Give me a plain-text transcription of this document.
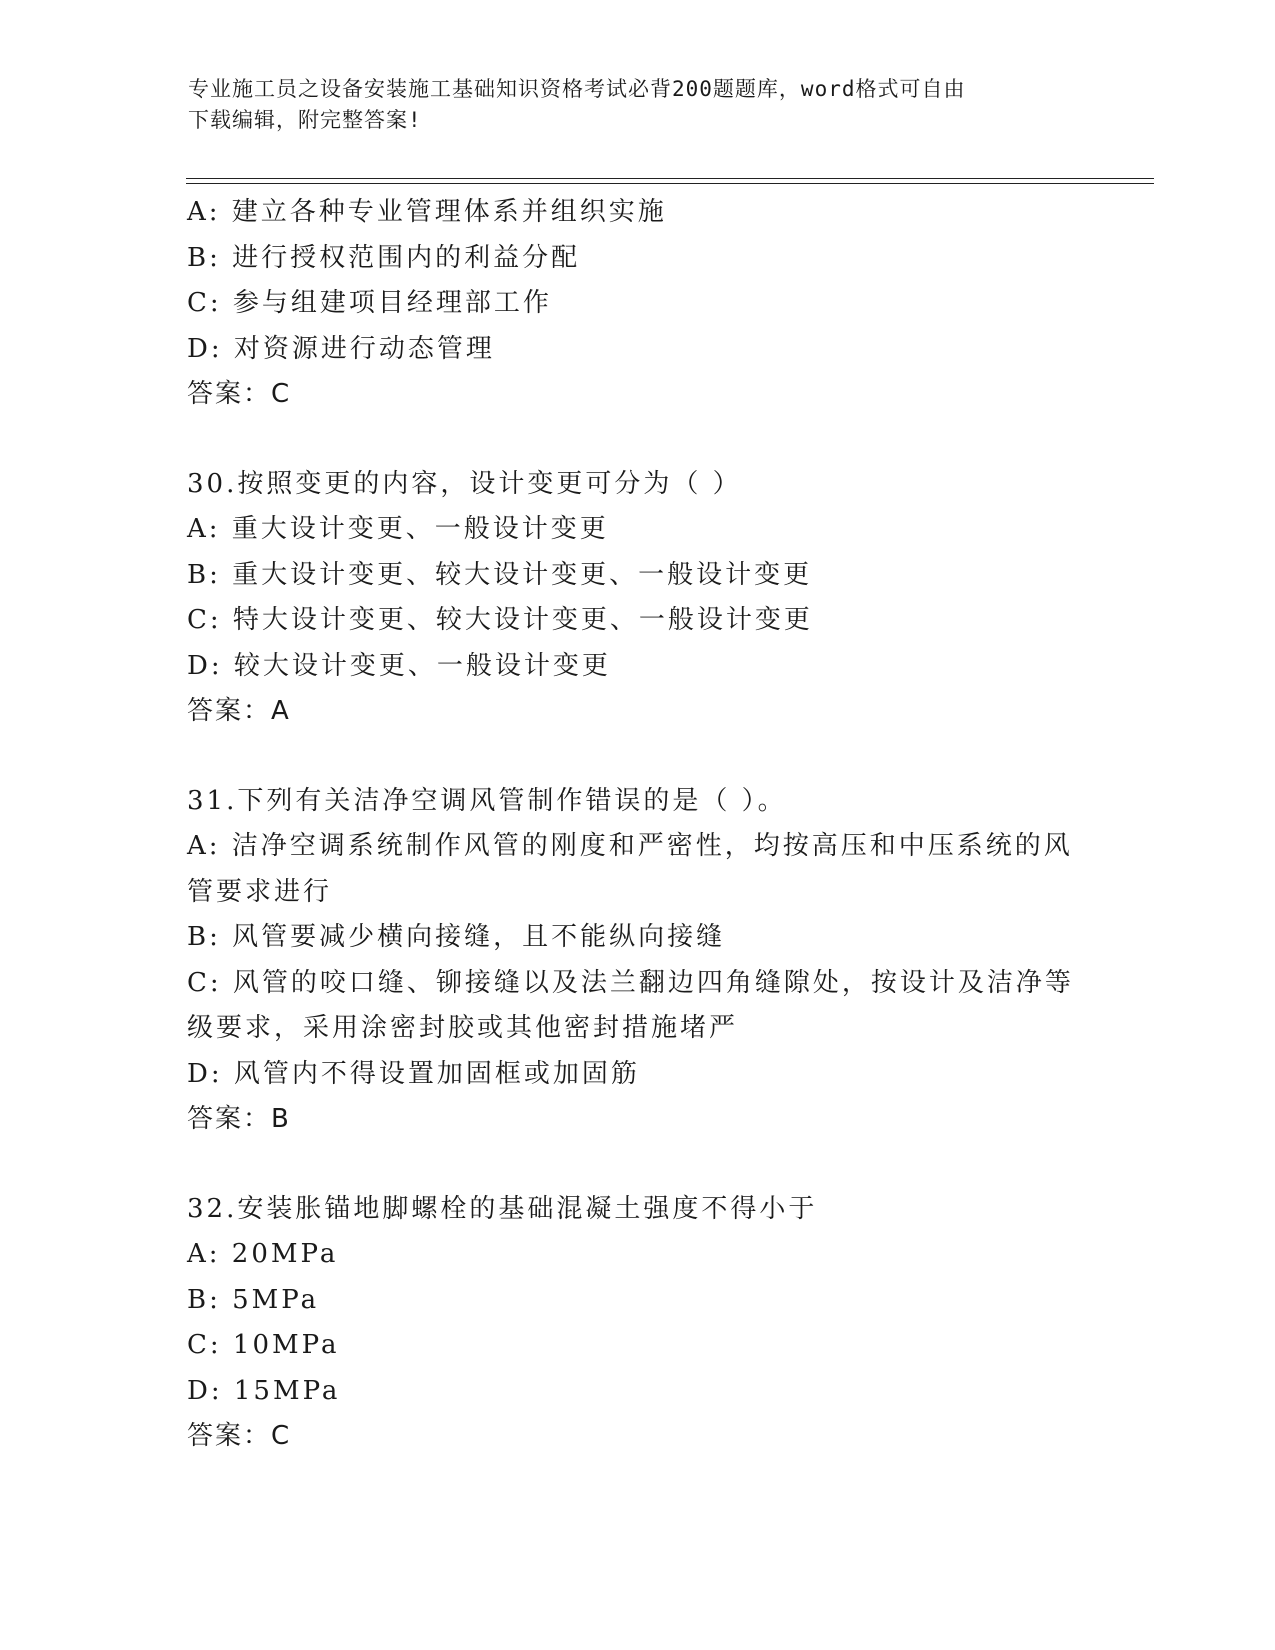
专业施工员之设备安装施工基础知识资格考试必背200题题库，word格式可自由
下载编辑，附完整答案!
A: 建立各种专业管理体系并组织实施
B: 进行授权范围内的利益分配
C: 参与组建项目经理部工作
D: 对资源进行动态管理
答案：C
30.按照变更的内容，设计变更可分为（ ）
A: 重大设计变更、一般设计变更
B: 重大设计变更、较大设计变更、一般设计变更
C: 特大设计变更、较大设计变更、一般设计变更
D: 较大设计变更、一般设计变更
答案：A
31.下列有关洁净空调风管制作错误的是（ ）。
A: 洁净空调系统制作风管的刚度和严密性，均按高压和中压系统的风
管要求进行
B: 风管要减少横向接缝，且不能纵向接缝
C: 风管的咬口缝、铆接缝以及法兰翻边四角缝隙处，按设计及洁净等
级要求，采用涂密封胶或其他密封措施堵严
D: 风管内不得设置加固框或加固筋
答案：B
32.安装胀锚地脚螺栓的基础混凝土强度不得小于
A: 20MPa
B: 5MPa
C: 10MPa
D: 15MPa
答案：C
